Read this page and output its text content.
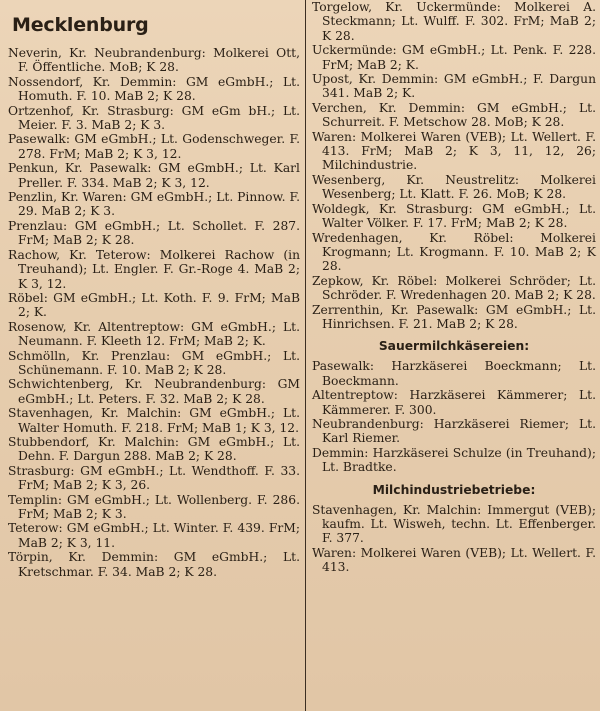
Mecklenburg

Neverin, Kr. Neubrandenburg: Molkerei Ott, F. Öffentliche. MoB; K 28.

Nossendorf, Kr. Demmin: GM eGmbH.; Lt. Homuth. F. 10. MaB 2; K 28.

Ortzenhof, Kr. Strasburg: GM eGm bH.; Lt. Meier. F. 3. MaB 2; K 3.

Pasewalk: GM eGmbH.; Lt. Godenschweger. F. 278. FrM; MaB 2; K 3, 12.

Penkun, Kr. Pasewalk: GM eGmbH.; Lt. Karl Preller. F. 334. MaB 2; K 3, 12.

Penzlin, Kr. Waren: GM eGmbH.; Lt. Pinnow. F. 29. MaB 2; K 3.

Prenzlau: GM eGmbH.; Lt. Schollet. F. 287. FrM; MaB 2; K 28.

Rachow, Kr. Teterow: Molkerei Rachow (in Treuhand); Lt. Engler. F. Gr.-Roge 4. MaB 2; K 3, 12.

Röbel: GM eGmbH.; Lt. Koth. F. 9. FrM; MaB 2; K.

Rosenow, Kr. Altentreptow: GM eGmbH.; Lt. Neumann. F. Kleeth 12. FrM; MaB 2; K.

Schmölln, Kr. Prenzlau: GM eGmbH.; Lt. Schünemann. F. 10. MaB 2; K 28.

Schwichtenberg, Kr. Neubrandenburg: GM eGmbH.; Lt. Peters. F. 32. MaB 2; K 28.

Stavenhagen, Kr. Malchin: GM eGmbH.; Lt. Walter Homuth. F. 218. FrM; MaB 1; K 3, 12.

Stubbendorf, Kr. Malchin: GM eGmbH.; Lt. Dehn. F. Dargun 288. MaB 2; K 28.

Strasburg: GM eGmbH.; Lt. Wendthoff. F. 33. FrM; MaB 2; K 3, 26.

Templin: GM eGmbH.; Lt. Wollenberg. F. 286. FrM; MaB 2; K 3.

Teterow: GM eGmbH.; Lt. Winter. F. 439. FrM; MaB 2; K 3, 11.

Törpin, Kr. Demmin: GM eGmbH.; Lt. Kretschmar. F. 34. MaB 2; K 28.

Torgelow, Kr. Uckermünde: Molkerei A. Steckmann; Lt. Wulff. F. 302. FrM; MaB 2; K 28.

Uckermünde: GM eGmbH.; Lt. Penk. F. 228. FrM; MaB 2; K.

Upost, Kr. Demmin: GM eGmbH.; F. Dargun 341. MaB 2; K.

Verchen, Kr. Demmin: GM eGmbH.; Lt. Schurreit. F. Metschow 28. MoB; K 28.

Waren: Molkerei Waren (VEB); Lt. Wellert. F. 413. FrM; MaB 2; K 3, 11, 12, 26; Milchindustrie.

Wesenberg, Kr. Neustrelitz: Molkerei Wesenberg; Lt. Klatt. F. 26. MoB; K 28.

Woldegk, Kr. Strasburg: GM eGmbH.; Lt. Walter Völker. F. 17. FrM; MaB 2; K 28.

Wredenhagen, Kr. Röbel: Molkerei Krogmann; Lt. Krogmann. F. 10. MaB 2; K 28.

Zepkow, Kr. Röbel: Molkerei Schröder; Lt. Schröder. F. Wredenhagen 20. MaB 2; K 28.

Zerrenthin, Kr. Pasewalk: GM eGmbH.; Lt. Hinrichsen. F. 21. MaB 2; K 28.

Sauermilchkäsereien:

Pasewalk: Harzkäserei Boeckmann; Lt. Boeckmann.

Altentreptow: Harzkäserei Kämmerer; Lt. Kämmerer. F. 300.

Neubrandenburg: Harzkäserei Riemer; Lt. Karl Riemer.

Demmin: Harzkäserei Schulze (in Treuhand); Lt. Bradtke.

Milchindustriebetriebe:

Stavenhagen, Kr. Malchin: Immergut (VEB); kaufm. Lt. Wisweh, techn. Lt. Effenberger. F. 377.

Waren: Molkerei Waren (VEB); Lt. Wellert. F. 413.
